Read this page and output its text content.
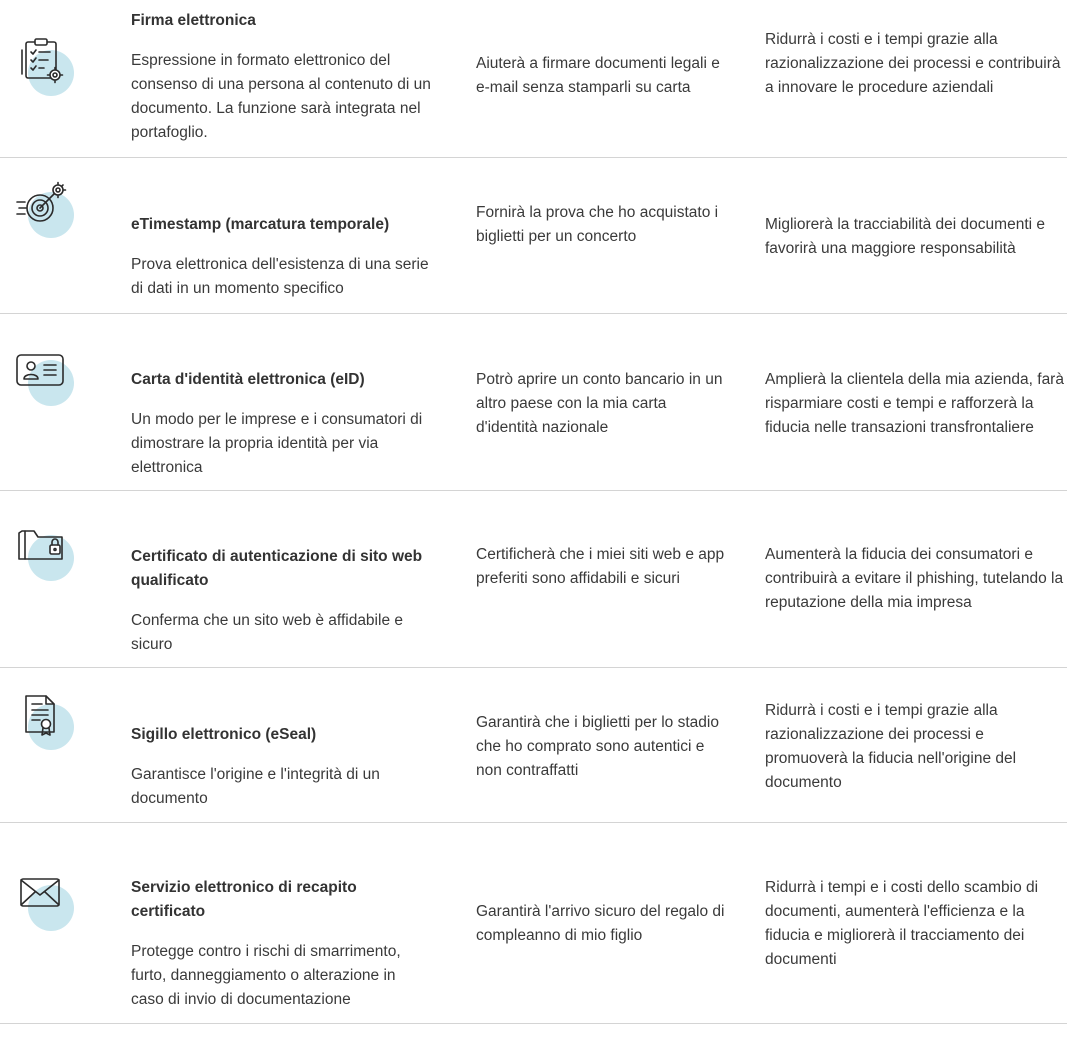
Firma elettronica

Espressione in formato elettronico del consenso di una persona al contenuto di un documento. La funzione sarà integrata nel portafoglio.

Aiuterà a firmare documenti legali e e-mail senza stamparli su carta

Ridurrà i costi e i tempi grazie alla razionalizzazione dei processi e contribuirà a innovare le procedure aziendali

eTimestamp (marcatura temporale)

Prova elettronica dell'esistenza di una serie di dati in un momento specifico

Fornirà la prova che ho acquistato i biglietti per un concerto

Migliorerà la tracciabilità dei documenti e favorirà una maggiore responsabilità

Carta d'identità elettronica (eID)

Un modo per le imprese e i consumatori di dimostrare la propria identità per via elettronica

Potrò aprire un conto bancario in un altro paese con la mia carta d'identità nazionale

Amplierà la clientela della mia azienda, farà risparmiare costi e tempi e rafforzerà la fiducia nelle transazioni transfrontaliere

Certificato di autenticazione di sito web qualificato

Conferma che un sito web è affidabile e sicuro

Certificherà che i miei siti web e app preferiti sono affidabili e sicuri

Aumenterà la fiducia dei consumatori e contribuirà a evitare il phishing, tutelando la reputazione della mia impresa

Sigillo elettronico (eSeal)

Garantisce l'origine e l'integrità di un documento

Garantirà che i biglietti per lo stadio che ho comprato sono autentici e non contraffatti

Ridurrà i costi e i tempi grazie alla razionalizzazione dei processi e promuoverà la fiducia nell'origine del documento

Servizio elettronico di recapito certificato

Protegge contro i rischi di smarrimento, furto, danneggiamento o alterazione in caso di invio di documentazione

Garantirà l'arrivo sicuro del regalo di compleanno di mio figlio

Ridurrà i tempi e i costi dello scambio di documenti, aumenterà l'efficienza e la fiducia e migliorerà il tracciamento dei documenti
